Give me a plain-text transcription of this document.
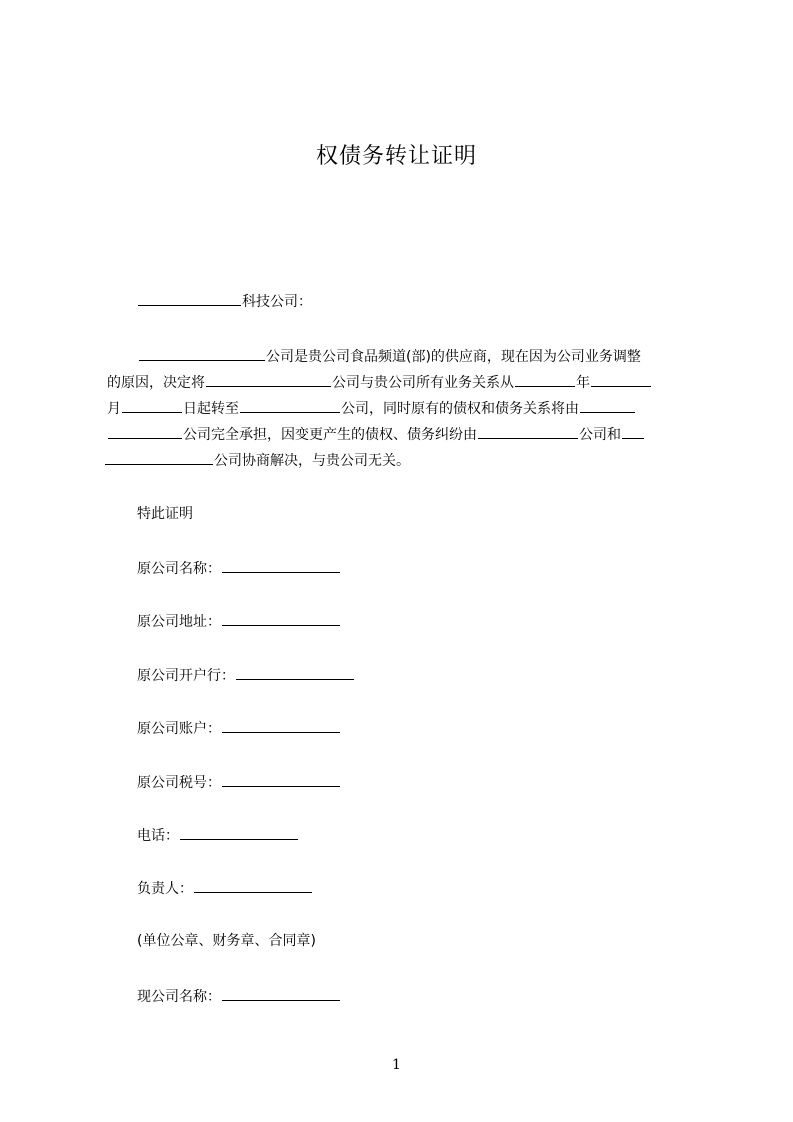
权债务转让证明
科技公司：
公司是贵公司食品频道(部)的供应商，现在因为公司业务调整
的原因，决定将	公司与贵公司所有业务关系从	年
月	日起转至	公司，同时原有的债权和债务关系将由
公司完全承担，因变更产生的债权、债务纠纷由	公司和
公司协商解决，与贵公司无关。
特此证明
原公司名称：
原公司地址：
原公司开户行：
原公司账户：
原公司税号：
电话：
负责人：
(单位公章、财务章、合同章)
现公司名称：
1
